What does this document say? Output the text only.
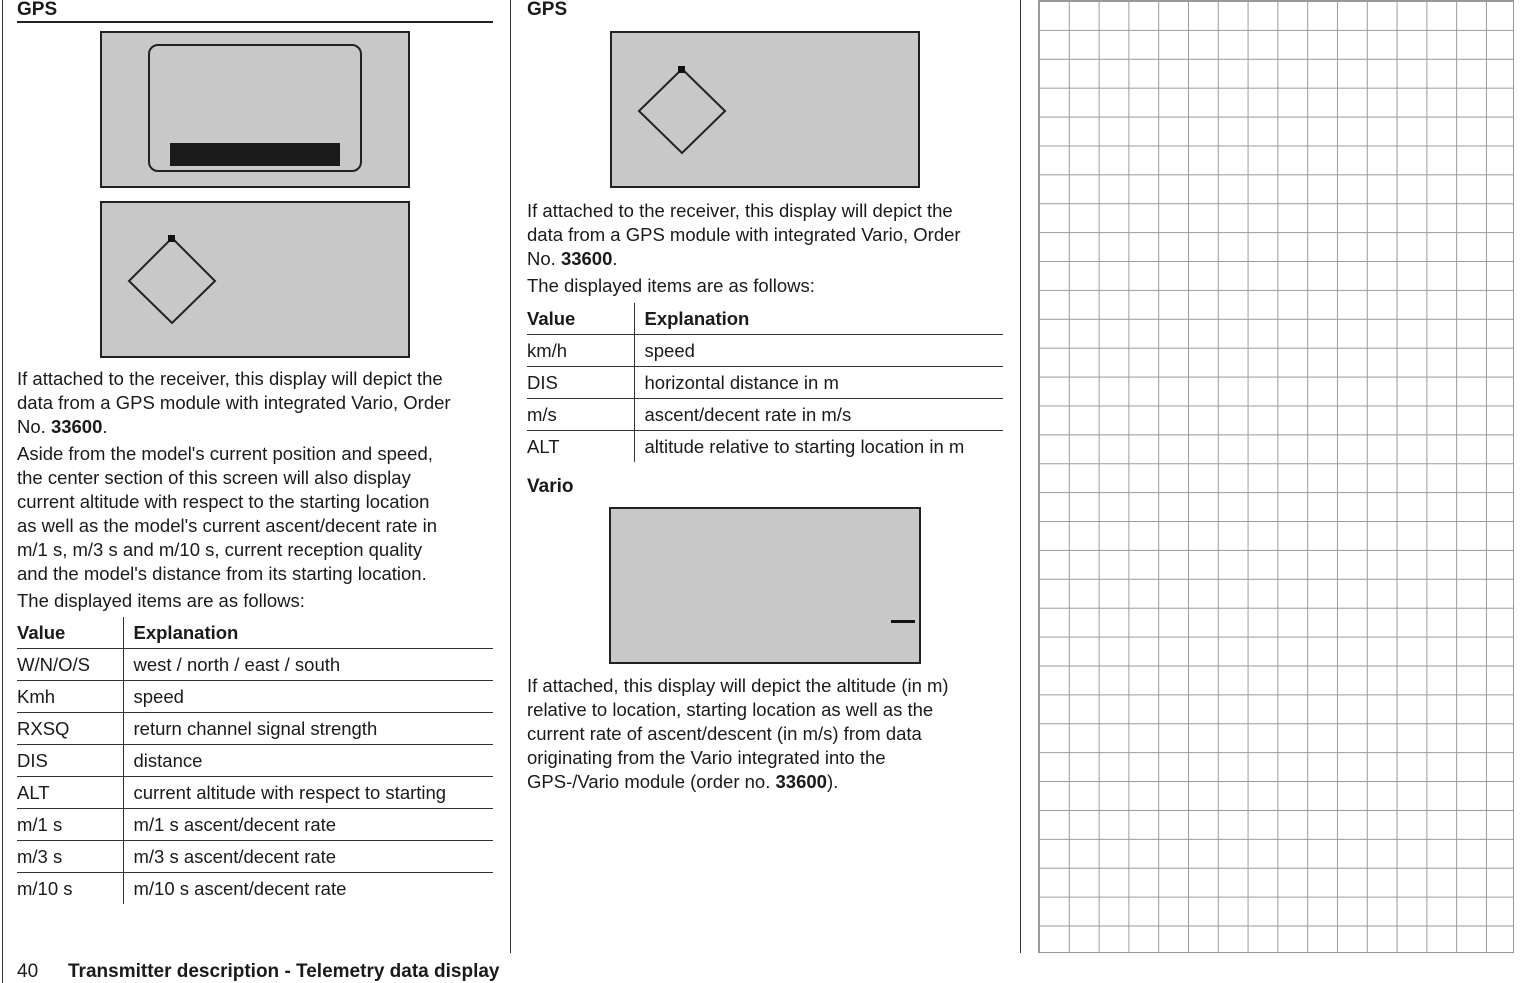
GPS

If attached to the receiver, this display will depict the
data from a GPS module with integrated Vario, Order
No. 33600.

Aside from the model's current position and speed,
the center section of this screen will also display
current altitude with respect to the starting location
as well as the model's current ascent/decent rate in
m/1 s, m/3 s and m/10 s, current reception quality
and the model's distance from its starting location.

The displayed items are as follows:

Value	Explanation
W/N/O/S	west / north / east / south
Kmh	speed
RXSQ	return channel signal strength
DIS	distance
ALT	current altitude with respect to starting
m/1 s	m/1 s ascent/decent rate
m/3 s	m/3 s ascent/decent rate
m/10 s	m/10 s ascent/decent rate
GPS

If attached to the receiver, this display will depict the
data from a GPS module with integrated Vario, Order
No. 33600.

The displayed items are as follows:

Value	Explanation
km/h	speed
DIS	horizontal distance in m
m/s	ascent/decent rate in m/s
ALT	altitude relative to starting location in m
Vario

If attached, this display will depict the altitude (in m)
relative to location, starting location as well as the
current rate of ascent/descent (in m/s) from data
originating from the Vario integrated into the
GPS-/Vario module (order no. 33600).

40 Transmitter description - Telemetry data display
